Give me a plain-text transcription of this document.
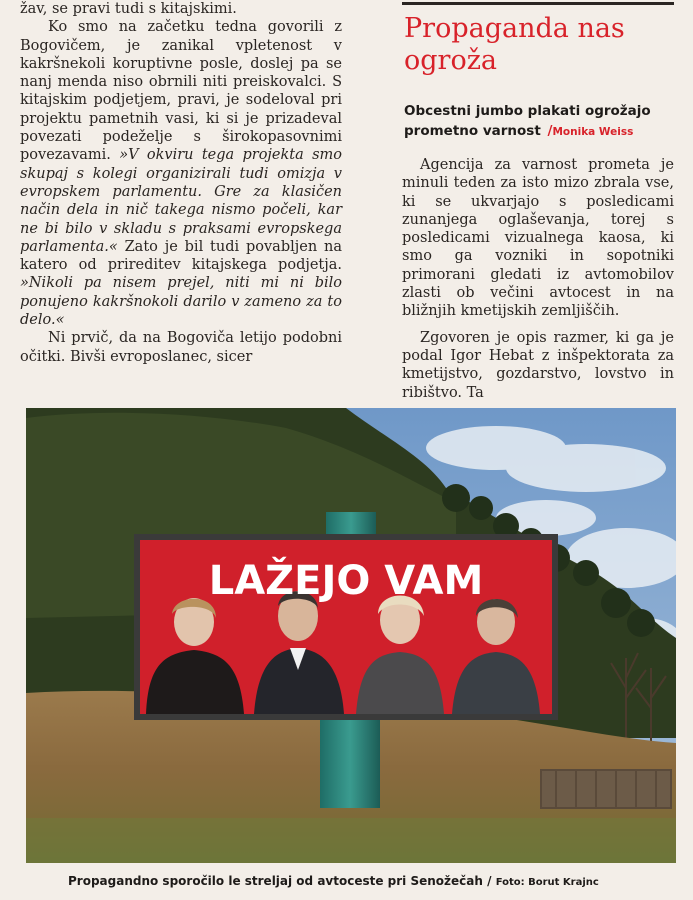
žav, se pravi tudi s kitajskimi.

Ko smo na začetku tedna govorili z Bogovičem, je zanikal vpletenost v kakršnekoli koruptivne posle, doslej pa se nanj menda niso obrnili niti preiskovalci. S kitajskim podjetjem, pravi, je sodeloval pri projektu pametnih vasi, ki si je prizadeval povezati podeželje s širokopasovnimi povezavami. »V okviru tega projekta smo skupaj s kolegi organizirali tudi omizja v evropskem parlamentu. Gre za klasičen način dela in nič takega nismo počeli, kar ne bi bilo v skladu s praksami evropskega parlamenta.« Zato je bil tudi povabljen na katero od prireditev kitajskega podjetja. »Nikoli pa nisem prejel, niti mi ni bilo ponujeno kakršnokoli darilo v zameno za to delo.«

Ni prvič, da na Bogoviča letijo podobni očitki. Bivši evroposlanec, sicer

Propaganda nas ogroža
Obcestni jumbo plakati ogrožajo prometno varnost /Monika Weiss

Agencija za varnost prometa je minuli teden za isto mizo zbrala vse, ki se ukvarjajo s posledicami zunanjega oglaševanja, torej s posledicami vizualnega kaosa, ki smo ga vozniki in sopotniki primorani gledati iz avtomobilov zlasti ob večini avtocest in na bližnjih kmetijskih zemljiščih.

Zgovoren je opis razmer, ki ga je podal Igor Hebat z inšpektorata za kmetijstvo, gozdarstvo, lovstvo in ribištvo. Ta

LAŽEJO VAM
Propagandno sporočilo le streljaj od avtoceste pri Senožečah / Foto: Borut Krajnc
